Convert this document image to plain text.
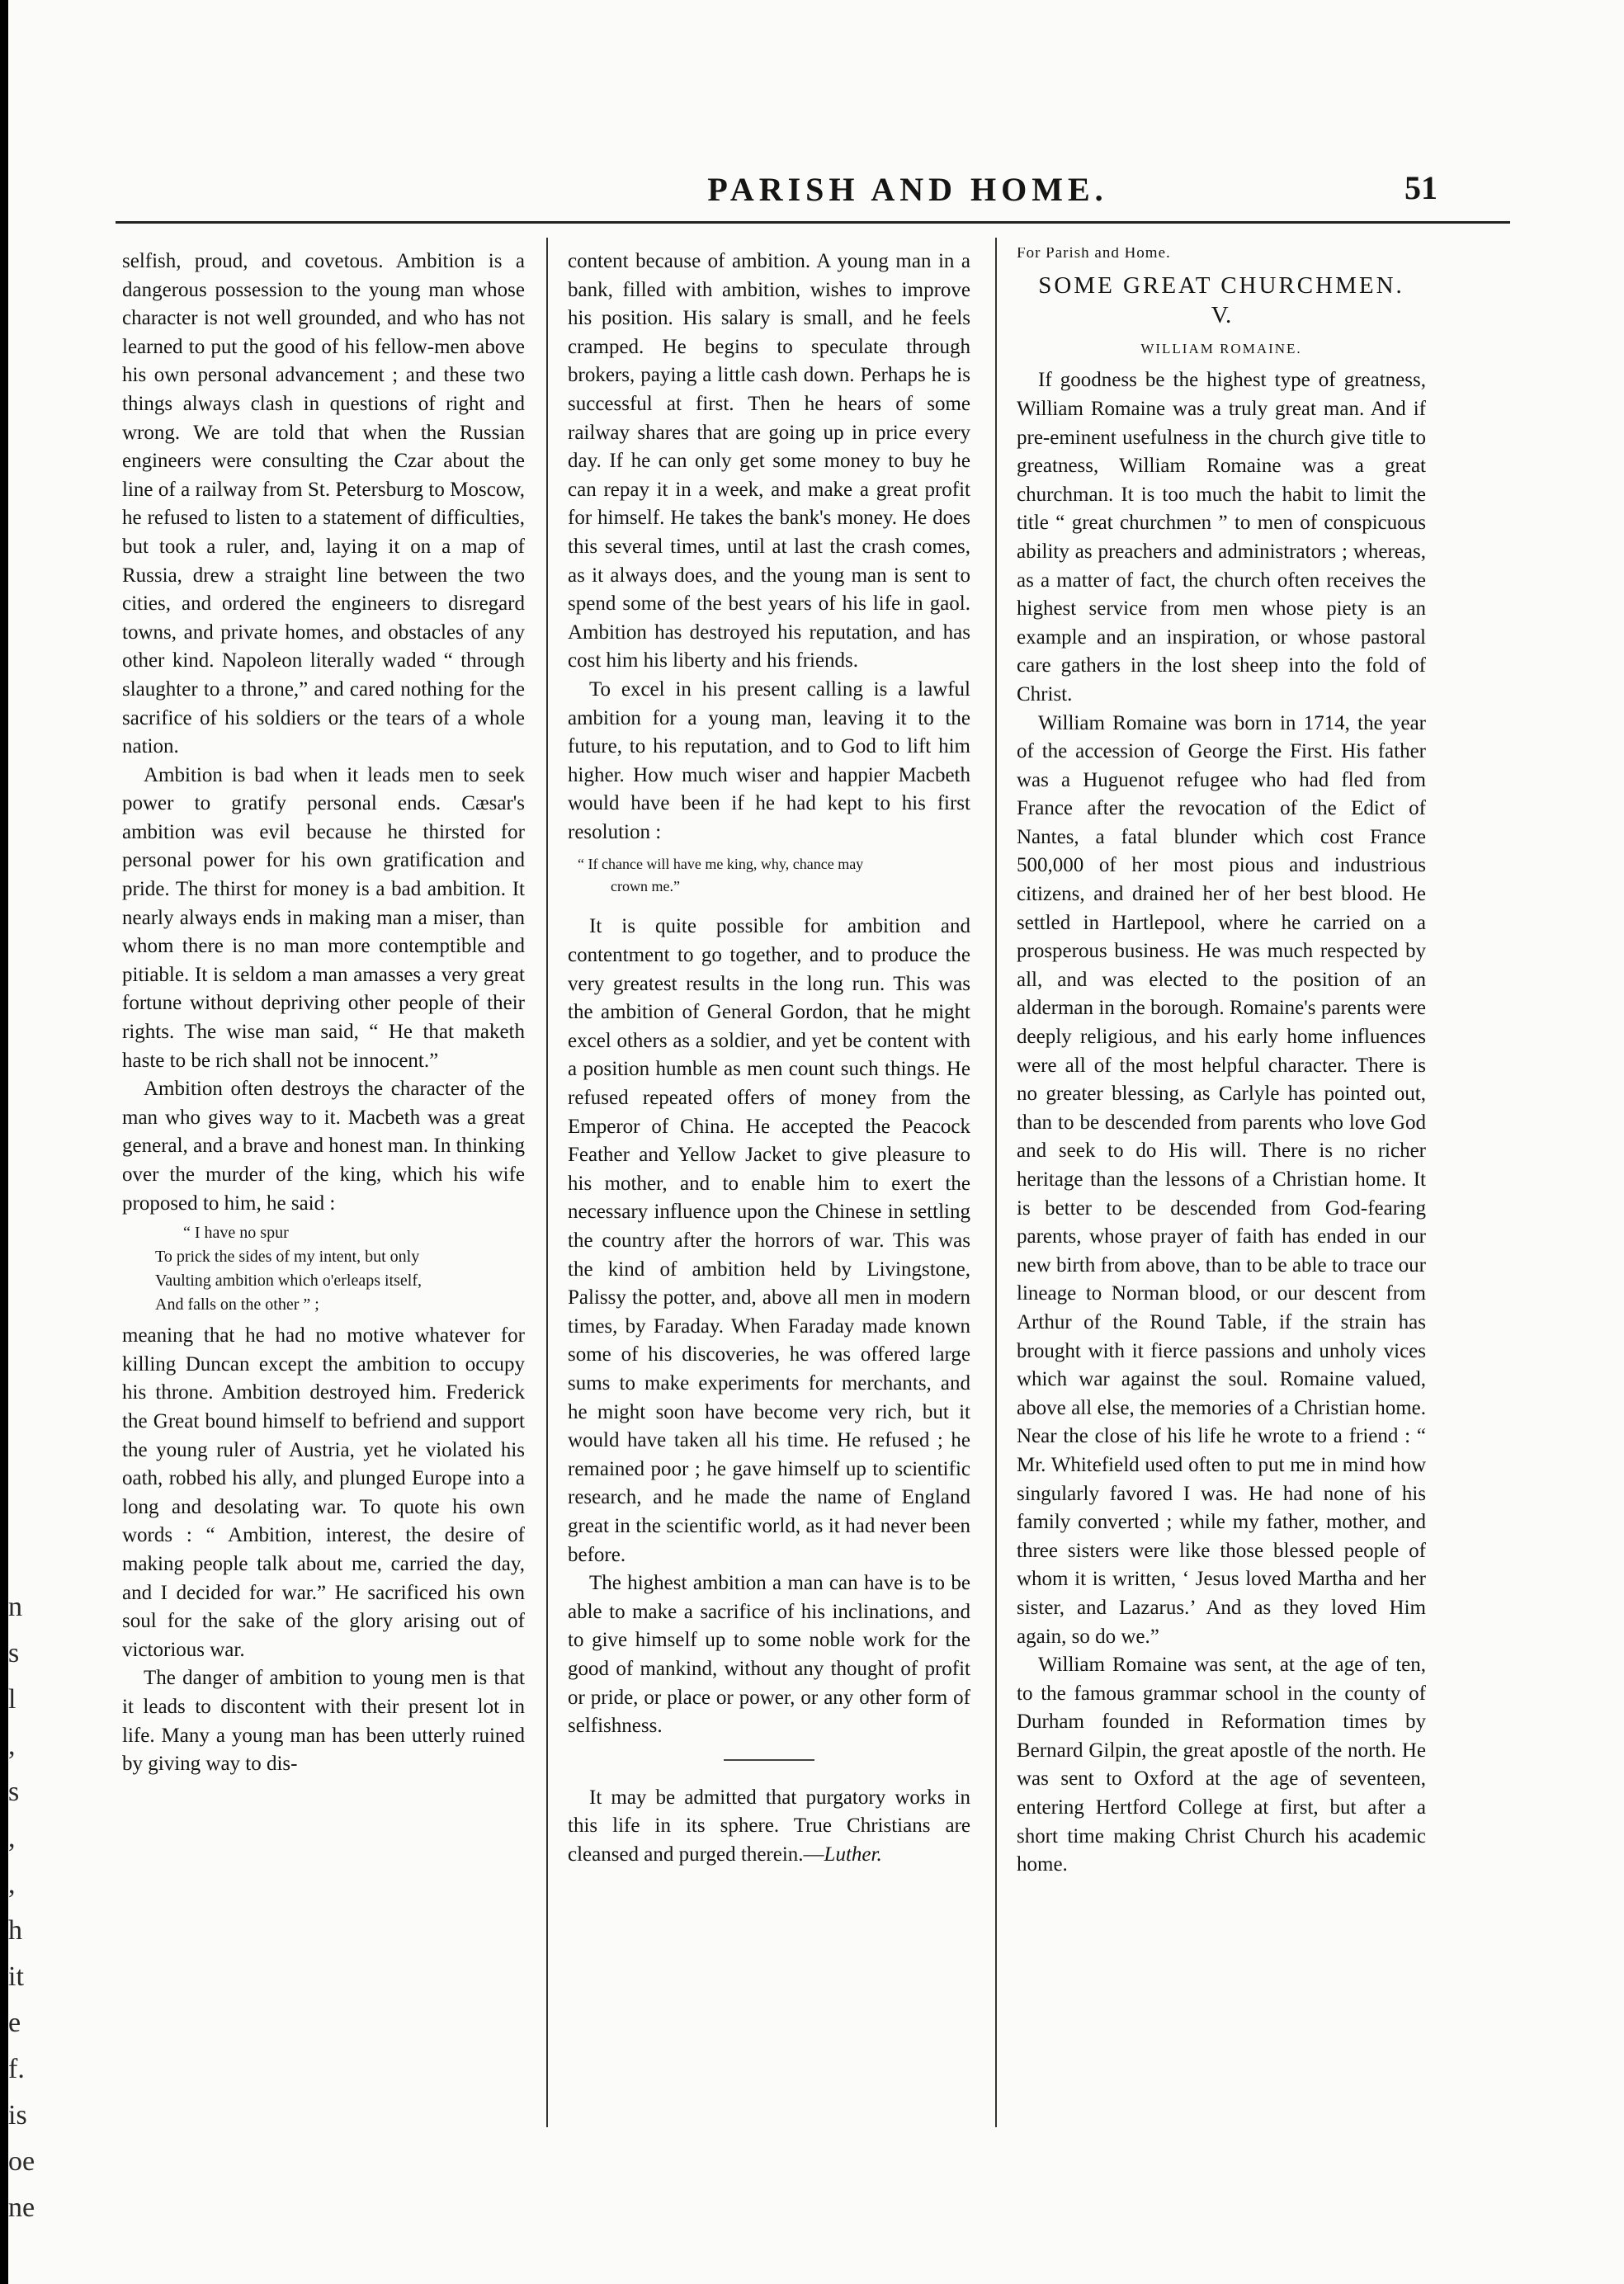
n
s
l
,
s
,
,
h
it
e
f.
is
oe
ne
PARISH AND HOME.	51

selfish, proud, and covetous. Ambition is a dangerous possession to the young man whose character is not well grounded, and who has not learned to put the good of his fellow-men above his own personal advancement ; and these two things always clash in questions of right and wrong. We are told that when the Russian engineers were consulting the Czar about the line of a railway from St. Petersburg to Moscow, he refused to listen to a statement of difficulties, but took a ruler, and, laying it on a map of Russia, drew a straight line between the two cities, and ordered the engineers to disregard towns, and private homes, and obstacles of any other kind. Napoleon literally waded “ through slaughter to a throne,” and cared nothing for the sacrifice of his soldiers or the tears of a whole nation.

Ambition is bad when it leads men to seek power to gratify personal ends. Cæsar's ambition was evil because he thirsted for personal power for his own gratification and pride. The thirst for money is a bad ambition. It nearly always ends in making man a miser, than whom there is no man more contemptible and pitiable. It is seldom a man amasses a very great fortune without depriving other people of their rights. The wise man said, “ He that maketh haste to be rich shall not be innocent.”

Ambition often destroys the character of the man who gives way to it. Macbeth was a great general, and a brave and honest man. In thinking over the murder of the king, which his wife proposed to him, he said :

“ I have no spur
To prick the sides of my intent, but only
Vaulting ambition which o'erleaps itself,
And falls on the other ” ;

meaning that he had no motive whatever for killing Duncan except the ambition to occupy his throne. Ambition destroyed him. Frederick the Great bound himself to befriend and support the young ruler of Austria, yet he violated his oath, robbed his ally, and plunged Europe into a long and desolating war. To quote his own words : “ Ambition, interest, the desire of making people talk about me, carried the day, and I decided for war.” He sacrificed his own soul for the sake of the glory arising out of victorious war.

The danger of ambition to young men is that it leads to discontent with their present lot in life. Many a young man has been utterly ruined by giving way to dis-

content because of ambition. A young man in a bank, filled with ambition, wishes to improve his position. His salary is small, and he feels cramped. He begins to speculate through brokers, paying a little cash down. Perhaps he is successful at first. Then he hears of some railway shares that are going up in price every day. If he can only get some money to buy he can repay it in a week, and make a great profit for himself. He takes the bank's money. He does this several times, until at last the crash comes, as it always does, and the young man is sent to spend some of the best years of his life in gaol. Ambition has destroyed his reputation, and has cost him his liberty and his friends.

To excel in his present calling is a lawful ambition for a young man, leaving it to the future, to his reputation, and to God to lift him higher. How much wiser and happier Macbeth would have been if he had kept to his first resolution :

“ If chance will have me king, why, chance may
crown me.”

It is quite possible for ambition and contentment to go together, and to produce the very greatest results in the long run. This was the ambition of General Gordon, that he might excel others as a soldier, and yet be content with a position humble as men count such things. He refused repeated offers of money from the Emperor of China. He accepted the Peacock Feather and Yellow Jacket to give pleasure to his mother, and to enable him to exert the necessary influence upon the Chinese in settling the country after the horrors of war. This was the kind of ambition held by Livingstone, Palissy the potter, and, above all men in modern times, by Faraday. When Faraday made known some of his discoveries, he was offered large sums to make experiments for merchants, and he might soon have become very rich, but it would have taken all his time. He refused ; he remained poor ; he gave himself up to scientific research, and he made the name of England great in the scientific world, as it had never been before.

The highest ambition a man can have is to be able to make a sacrifice of his inclinations, and to give himself up to some noble work for the good of mankind, without any thought of profit or pride, or place or power, or any other form of selfishness.

It may be admitted that purgatory works in this life in its sphere. True Christians are cleansed and purged therein.—Luther.

For Parish and Home.
SOME GREAT CHURCHMEN.
V.
WILLIAM ROMAINE.

If goodness be the highest type of greatness, William Romaine was a truly great man. And if pre-eminent usefulness in the church give title to greatness, William Romaine was a great churchman. It is too much the habit to limit the title “ great churchmen ” to men of conspicuous ability as preachers and administrators ; whereas, as a matter of fact, the church often receives the highest service from men whose piety is an example and an inspiration, or whose pastoral care gathers in the lost sheep into the fold of Christ.

William Romaine was born in 1714, the year of the accession of George the First. His father was a Huguenot refugee who had fled from France after the revocation of the Edict of Nantes, a fatal blunder which cost France 500,000 of her most pious and industrious citizens, and drained her of her best blood. He settled in Hartlepool, where he carried on a prosperous business. He was much respected by all, and was elected to the position of an alderman in the borough. Romaine's parents were deeply religious, and his early home influences were all of the most helpful character. There is no greater blessing, as Carlyle has pointed out, than to be descended from parents who love God and seek to do His will. There is no richer heritage than the lessons of a Christian home. It is better to be descended from God-fearing parents, whose prayer of faith has ended in our new birth from above, than to be able to trace our lineage to Norman blood, or our descent from Arthur of the Round Table, if the strain has brought with it fierce passions and unholy vices which war against the soul. Romaine valued, above all else, the memories of a Christian home. Near the close of his life he wrote to a friend : “ Mr. Whitefield used often to put me in mind how singularly favored I was. He had none of his family converted ; while my father, mother, and three sisters were like those blessed people of whom it is written, ‘ Jesus loved Martha and her sister, and Lazarus.’ And as they loved Him again, so do we.”

William Romaine was sent, at the age of ten, to the famous grammar school in the county of Durham founded in Reformation times by Bernard Gilpin, the great apostle of the north. He was sent to Oxford at the age of seventeen, entering Hertford College at first, but after a short time making Christ Church his academic home.
